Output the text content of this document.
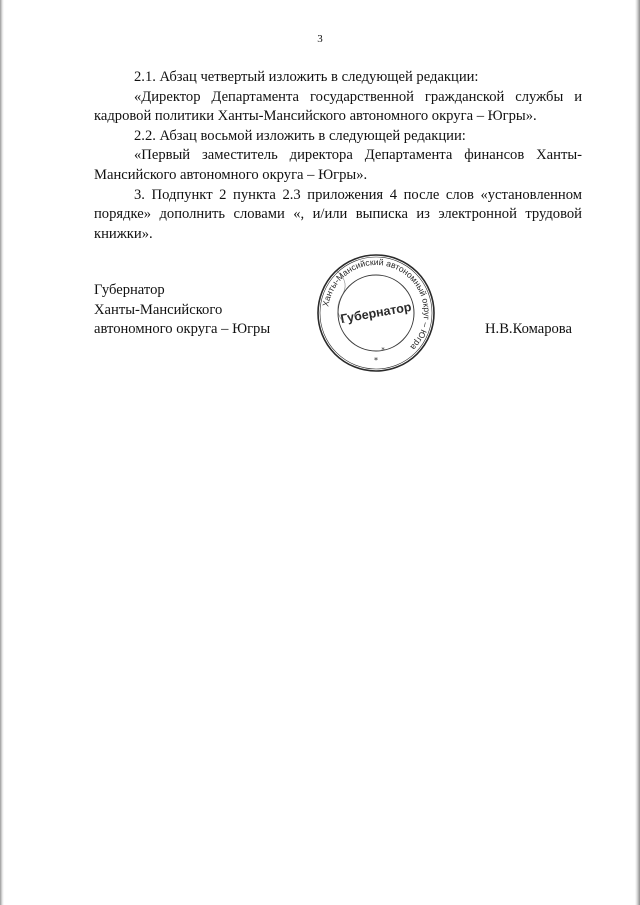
3

2.1. Абзац четвертый изложить в следующей редакции:

«Директор Департамента государственной гражданской службы и кадровой политики Ханты-Мансийского автономного округа – Югры».

2.2. Абзац восьмой изложить в следующей редакции:

«Первый заместитель директора Департамента финансов Ханты-Мансийского автономного округа – Югры».

3. Подпункт 2 пункта 2.3 приложения 4 после слов «установленном порядке» дополнить словами «, и/или выписка из электронной трудовой книжки».

Губернатор
Ханты-Мансийского
автономного округа – Югры
Ханты-Мансийский автономный округ – Югра
Губернатор
*
*
Н.В.Комарова
